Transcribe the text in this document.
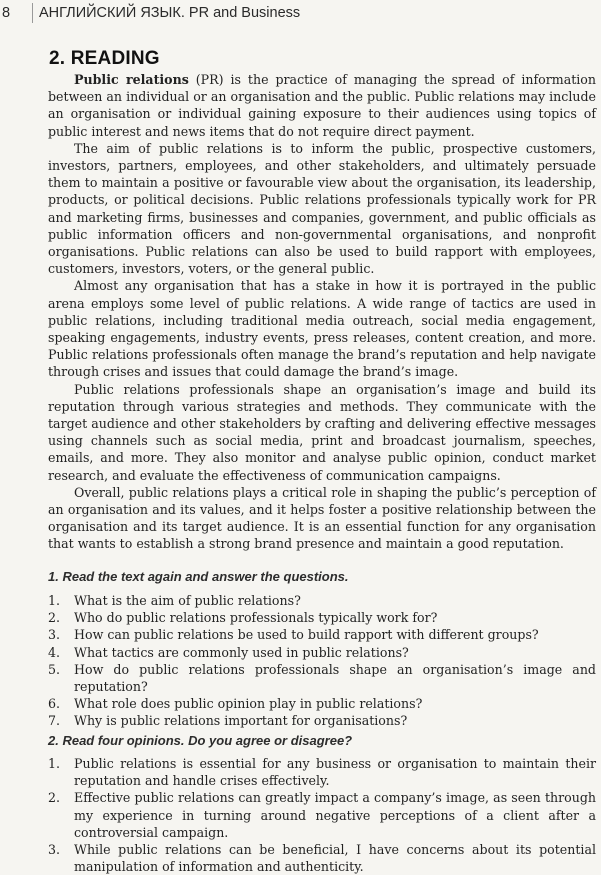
8	АНГЛИЙСКИЙ ЯЗЫК. PR and Business
2. READING

Public relations (PR) is the practice of managing the spread of information between an individual or an organisation and the public. Public relations may include an organisation or individual gaining exposure to their audiences using topics of public interest and news items that do not require direct payment.

The aim of public relations is to inform the public, prospective customers, investors, partners, employees, and other stakeholders, and ultimately persuade them to maintain a positive or favourable view about the organisation, its leadership, products, or political decisions. Public relations professionals typically work for PR and marketing firms, businesses and companies, government, and public officials as public information officers and non-governmental organisations, and nonprofit organisations. Public relations can also be used to build rapport with employees, customers, investors, voters, or the general public.

Almost any organisation that has a stake in how it is portrayed in the public arena employs some level of public relations. A wide range of tactics are used in public relations, including traditional media outreach, social media engagement, speaking engagements, industry events, press releases, content creation, and more. Public relations professionals often manage the brand’s reputation and help navigate through crises and issues that could damage the brand’s image.

Public relations professionals shape an organisation’s image and build its reputation through various strategies and methods. They communicate with the target audience and other stakeholders by crafting and delivering effective messages using channels such as social media, print and broadcast journalism, speeches, emails, and more. They also monitor and analyse public opinion, conduct market research, and evaluate the effectiveness of communication campaigns.

Overall, public relations plays a critical role in shaping the public’s perception of an organisation and its values, and it helps foster a positive relationship between the organisation and its target audience. It is an essential function for any organisation that wants to establish a strong brand presence and maintain a good reputation.

1. Read the text again and answer the questions.
1.	What is the aim of public relations?
2.	Who do public relations professionals typically work for?
3.	How can public relations be used to build rapport with different groups?
4.	What tactics are commonly used in public relations?
5.	How do public relations professionals shape an organisation’s image and reputation?
6.	What role does public opinion play in public relations?
7.	Why is public relations important for organisations?
2. Read four opinions. Do you agree or disagree?
1.	Public relations is essential for any business or organisation to maintain their reputation and handle crises effectively.
2.	Effective public relations can greatly impact a company’s image, as seen through my experience in turning around negative perceptions of a client after a controversial campaign.
3.	While public relations can be beneficial, I have concerns about its potential manipulation of information and authenticity.
